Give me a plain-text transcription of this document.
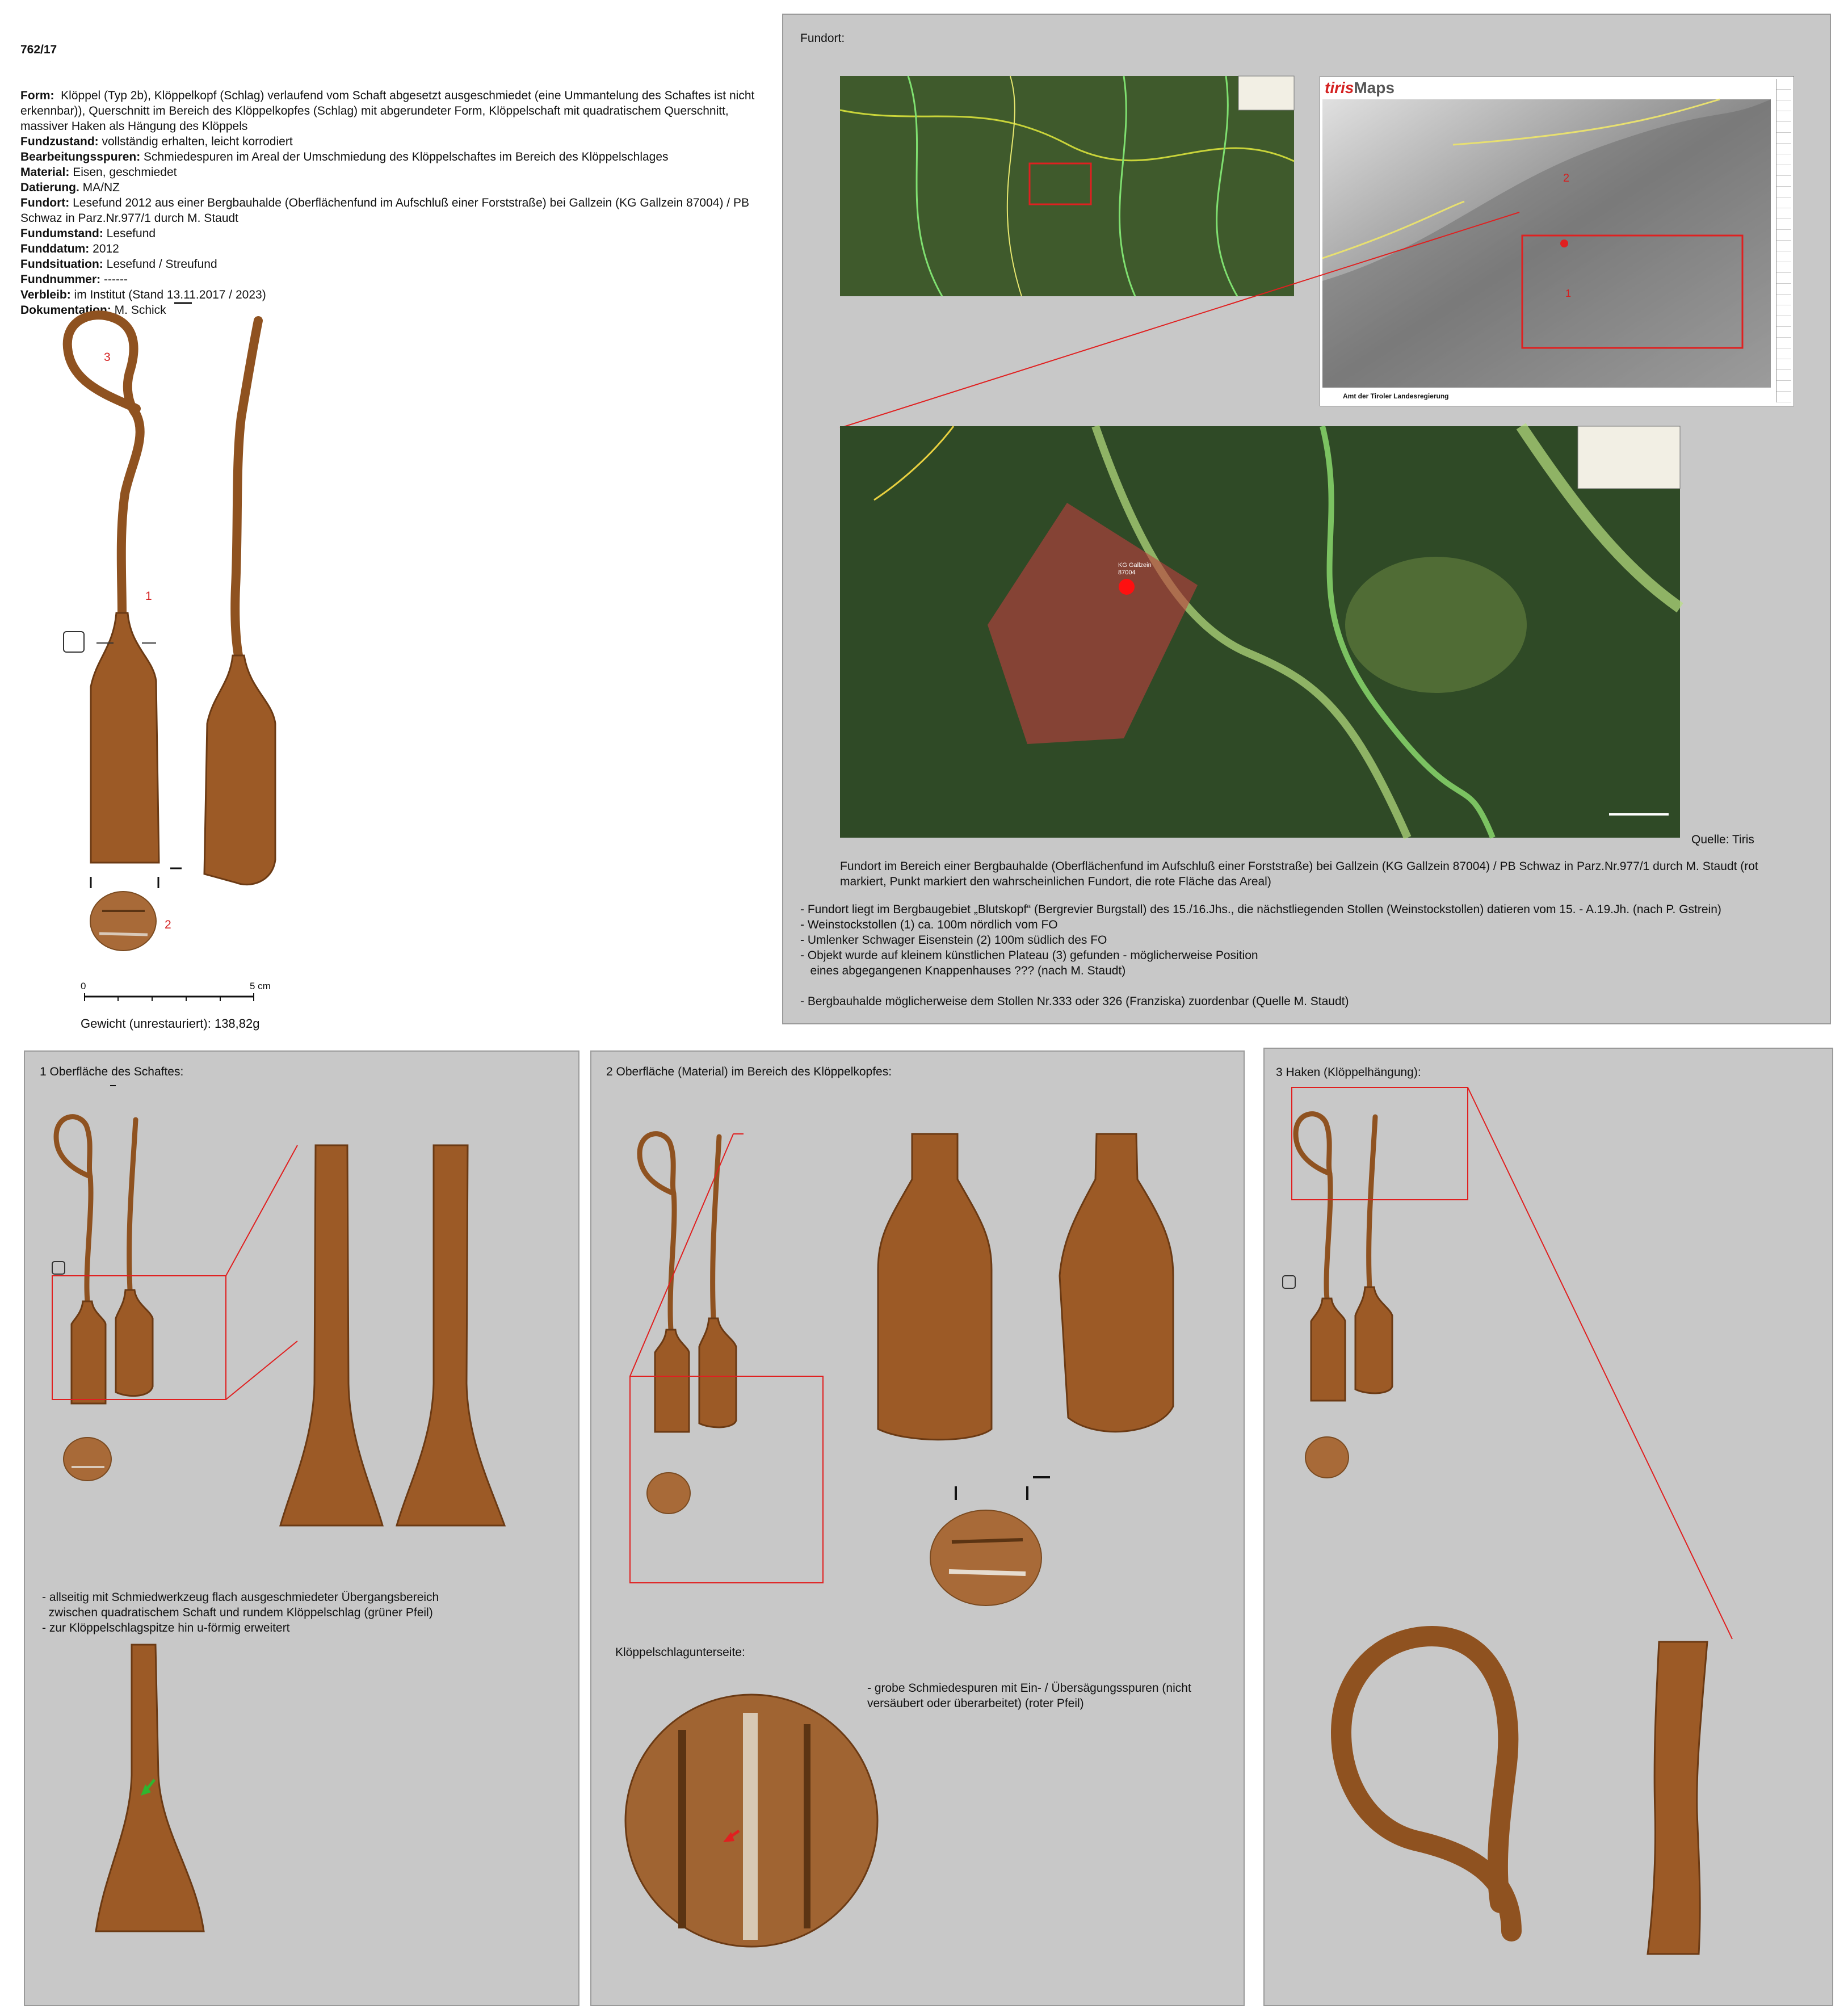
762/17

Form:  Klöppel (Typ 2b), Klöppelkopf (Schlag) verlaufend vom Schaft abgesetzt ausgeschmiedet (eine Ummantelung des Schaftes ist nicht erkennbar)), Querschnitt im Bereich des Klöppelkopfes (Schlag) mit abgerundeter Form, Klöppelschaft mit quadratischem Querschnitt, massiver Haken als Hängung des Klöppels
Fundzustand: vollständig erhalten, leicht korrodiert
Bearbeitungsspuren: Schmiedespuren im Areal der Umschmiedung des Klöppelschaftes im Bereich des Klöppelschlages
Material: Eisen, geschmiedet
Datierung. MA/NZ
Fundort: Lesefund 2012 aus einer Bergbauhalde (Oberflächenfund im Aufschluß einer Forststraße) bei Gallzein (KG Gallzein 87004) / PB Schwaz in Parz.Nr.977/1 durch M. Staudt
Fundumstand: Lesefund
Funddatum: 2012
Fundsituation: Lesefund / Streufund
Fundnummer: ------
Verbleib: im Institut (Stand 13.11.2017 / 2023)
Dokumentation: M. Schick

3
1
2
0	5 cm
Gewicht (unrestauriert): 138,82g
Fundort:
tirisMaps
2
1
Amt der Tiroler Landesregierung
KG Gallzein 87004
Quelle: Tiris
Fundort im Bereich einer Bergbauhalde (Oberflächenfund im Aufschluß einer Forststraße) bei Gallzein (KG Gallzein 87004) / PB Schwaz in Parz.Nr.977/1 durch M. Staudt (rot markiert, Punkt markiert den wahrscheinlichen Fundort, die rote Fläche das Areal)
- Fundort liegt im Bergbaugebiet „Blutskopf“ (Bergrevier Burgstall) des 15./16.Jhs., die nächstliegenden Stollen (Weinstockstollen) datieren vom 15. - A.19.Jh. (nach P. Gstrein)
- Weinstockstollen (1) ca. 100m nördlich vom FO
- Umlenker Schwager Eisenstein (2) 100m südlich des FO
- Objekt wurde auf kleinem künstlichen Plateau (3) gefunden - möglicherweise Position
eines abgegangenen Knappenhauses ??? (nach M. Staudt)

- Bergbauhalde möglicherweise dem Stollen Nr.333 oder 326 (Franziska) zuordenbar (Quelle M. Staudt)
1 Oberfläche des Schaftes:
- allseitig mit Schmiedwerkzeug flach ausgeschmiedeter Übergangsbereich
zwischen quadratischem Schaft und rundem Klöppelschlag (grüner Pfeil)
- zur Klöppelschlagspitze hin u-förmig erweitert
2 Oberfläche (Material) im Bereich des Klöppelkopfes:
Klöppelschlagunterseite:
- grobe Schmiedespuren mit Ein- / Übersägungsspuren (nicht
versäubert oder überarbeitet) (roter Pfeil)
3 Haken (Klöppelhängung):
